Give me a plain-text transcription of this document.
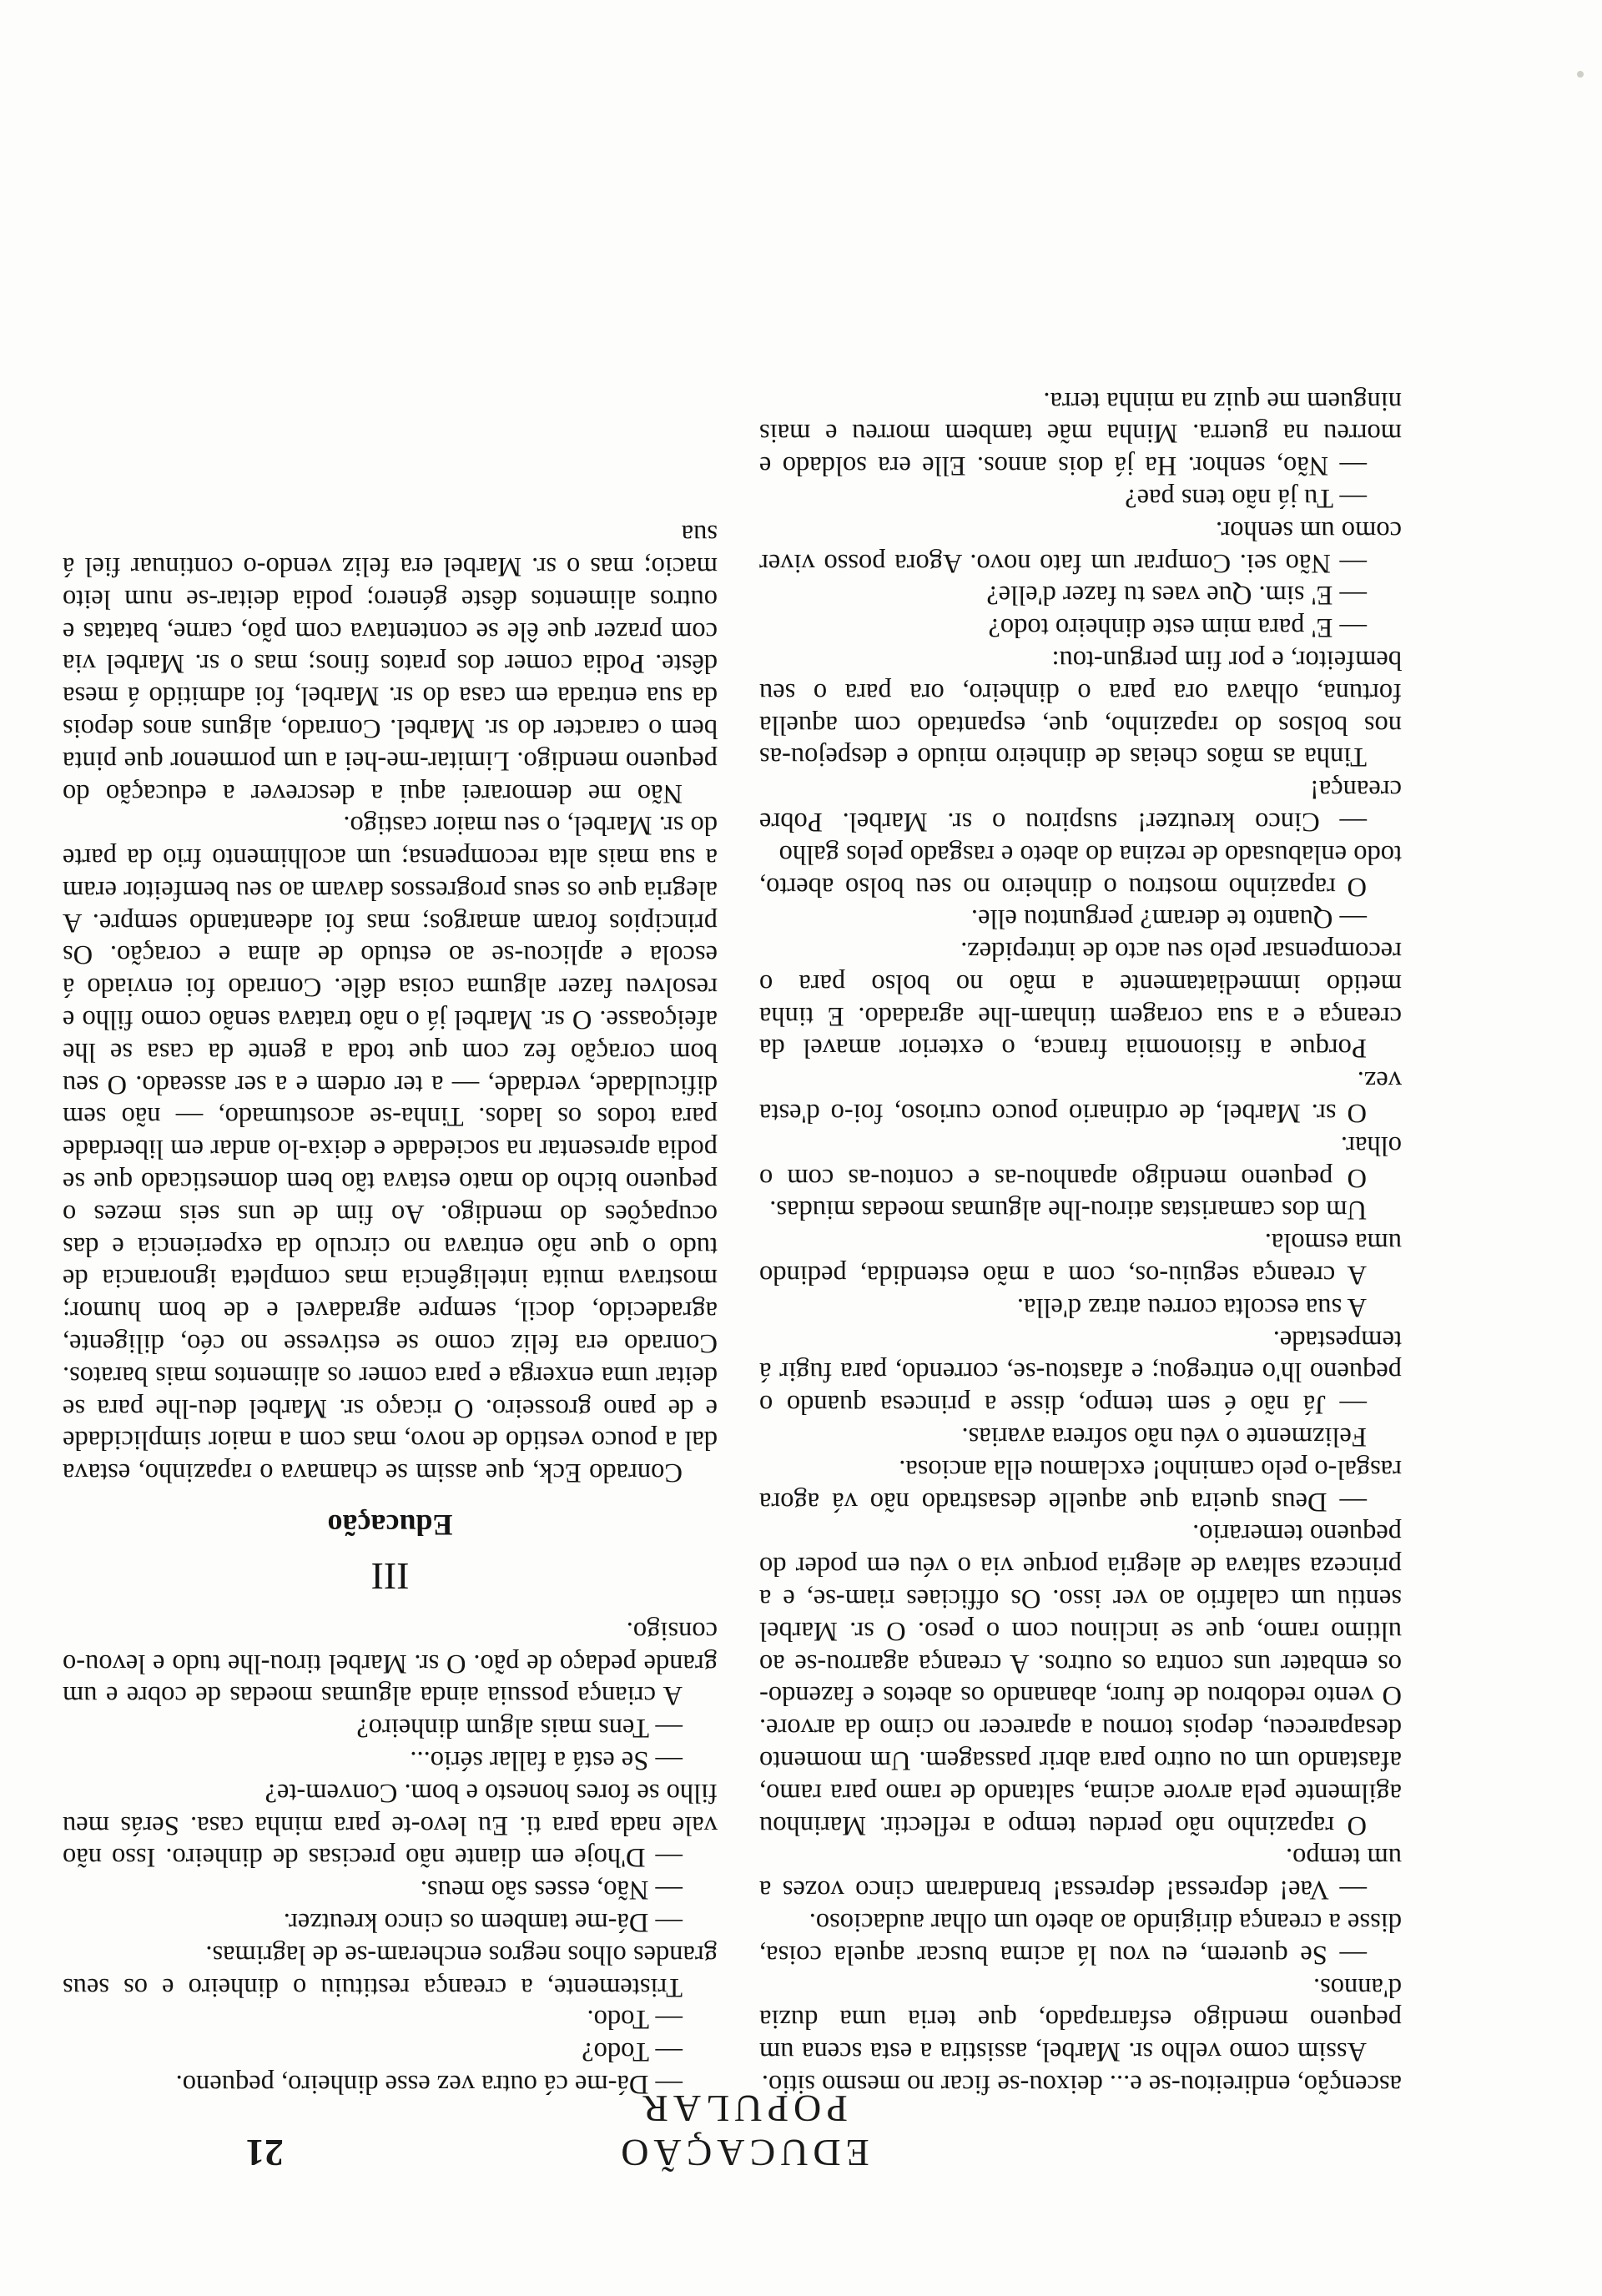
EDUCAÇÃO POPULAR
21

ascenção, endireitou-se e... deixou-se ficar no mesmo sitio.

Assim como velho sr. Marbel, assistira a esta scena um pequeno mendigo esfarrapado, que teria uma duzia d'annos.

— Se querem, eu vou lá acima buscar aquela coisa, disse a creança dirigindo ao abeto um olhar audacioso.

— Vae! depressa! depressa! brandaram cinco vozes a um tempo.

O rapazinho não perdeu tempo a reflectir. Marinhou agilmente pela arvore acima, saltando de ramo para ramo, afastando um ou outro para abrir passagem. Um momento desapareceu, depois tornou a aparecer no cimo da arvore. O vento redobrou de furor, abanando os abetos e fazendo-os embater uns contra os outros. A creança agarrou-se ao ultimo ramo, que se inclinou com o peso. O sr. Marbel sentiu um calafrio ao ver isso. Os officiaes riam-se, e a princeza saltava de alegria porque via o véu em poder do pequeno temerario.

— Deus queira que aquelle desastrado não vá agora rasgal-o pelo caminho! exclamou ella anciosa.

Felizmente o véu não sofrera avarias.

— Já não é sem tempo, disse a princesa quando o pequeno lh'o entregou; e afastou-se, correndo, para fugir á tempestade.

A sua escolta correu atraz d'ella.

A creança seguiu-os, com a mão estendida, pedindo uma esmola.

Um dos camaristas atirou-lhe algumas moedas miudas.

O pequeno mendigo apanhou-as e contou-as com o olhar.

O sr. Marbel, de ordinario pouco curioso, foi-o d'esta vez.

Porque a fisionomia franca, o exterior amavel da creança e a sua coragem tinham-lhe agradado. E tinha metido immediatamente a mão no bolso para o recompensar pelo seu acto de intrepidez.

— Quanto te deram? perguntou elle.

O rapazinho mostrou o dinheiro no seu bolso aberto, todo enlabusado de rezina do abeto e rasgado pelos galho

— Cinco kreutzer! suspirou o sr. Marbel. Pobre creança!

Tinha as mãos cheias de dinheiro miudo e despejou-as nos bolsos do rapazinho, que, espantado com aquella fortuna, olhava ora para o dinheiro, ora para o seu bemfeitor, e por fim pergun-tou:

— E' para mim este dinheiro todo?

— E' sim. Que vaes tu fazer d'elle?

— Não sei. Comprar um fato novo. Agora posso viver como um senhor.

— Tu já não tens pae?

— Não, senhor. Ha já dois annos. Elle era soldado e morreu na guerra. Minha mãe tambem morreu e mais ninguem me quiz na minha terra.

— Dá-me cá outra vez esse dinheiro, pequeno.

— Todo?

— Todo.

Tristemente, a creança restituiu o dinheiro e os seus grandes olhos negros encheram-se de lagrimas.

— Dá-me tambem os cinco kreutzer.

— Não, esses são meus.

— D'hoje em diante não precisas de dinheiro. Isso não vale nada para ti. Eu levo-te para minha casa. Serás meu filho se fores honesto e bom. Convem-te?

— Se está a fallar sério...

— Tens mais algum dinheiro?

A criança possuia ainda algumas moedas de cobre e um grande pedaço de pão. O sr. Marbel tirou-lhe tudo e levou-o consigo.

III

Educação

Conrado Eck, que assim se chamava o rapazinho, estava dal a pouco vestido de novo, mas com a maior simplicidade e de pano grosseiro. O ricaço sr. Marbel deu-lhe para se deitar uma enxerga e para comer os alimentos mais baratos. Conrado era feliz como se estivesse no céo, diligente, agradecido, docil, sempre agradavel e de bom humor; mostrava muita inteligência mas completa ignorancia de tudo o que não entrava no circulo da experiencia e das ocupações do mendigo. Ao fim de uns seis mezes o pequeno bicho do mato estava tão bem domesticado que se podia apresentar na sociedade e deixa-lo andar em liberdade para todos os lados. Tinha-se acostumado, — não sem dificuldade, verdade, — a ter ordem e a ser asseado. O seu bom coração fez com que toda a gente da casa se lhe afeiçoasse. O sr. Marbel já o não tratava senão como filho e resolveu fazer alguma coisa dêle. Conrado foi enviado á escola e aplicou-se ao estudo de alma e coração. Os principios foram amargos; mas foi adeantando sempre. A alegria que os seus progressos davam ao seu bemfeitor eram a sua mais alta recompensa; um acolhimento frio da parte do sr. Marbel, o seu maior castigo.

Não me demorarei aqui a descrever a educação do pequeno mendigo. Limitar-me-hei a um pormenor que pinta bem o caracter do sr. Marbel. Conrado, alguns anos depois da sua entrada em casa do sr. Marbel, foi admitido á mesa dêste. Podia comer dos pratos finos; mas o sr. Marbel via com prazer que êle se contentava com pão, carne, batatas e outros alimentos dêste género; podia deitar-se num leito macio; mas o sr. Marbel era feliz vendo-o continuar fiel á sua
